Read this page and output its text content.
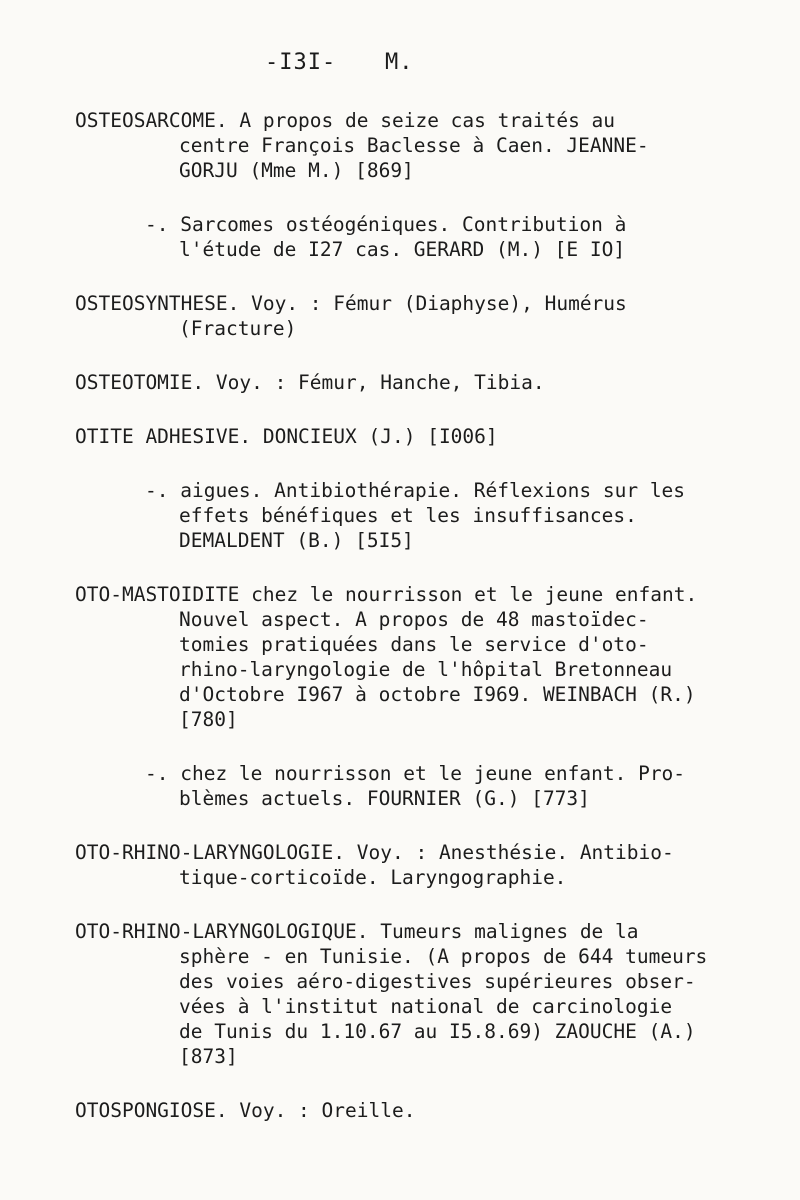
-I3I- M.
OSTEOSARCOME. A propos de seize cas traités au
centre François Baclesse à Caen. JEANNE-
GORJU (Mme M.) [869]
-. Sarcomes ostéogéniques. Contribution à
l'étude de I27 cas. GERARD (M.) [E IO]
OSTEOSYNTHESE. Voy. : Fémur (Diaphyse), Humérus
(Fracture)
OSTEOTOMIE. Voy. : Fémur, Hanche, Tibia.
OTITE ADHESIVE. DONCIEUX (J.) [I006]
-. aigues. Antibiothérapie. Réflexions sur les
effets bénéfiques et les insuffisances.
DEMALDENT (B.) [5I5]
OTO-MASTOIDITE chez le nourrisson et le jeune enfant.
Nouvel aspect. A propos de 48 mastoïdec-
tomies pratiquées dans le service d'oto-
rhino-laryngologie de l'hôpital Bretonneau
d'Octobre I967 à octobre I969. WEINBACH (R.)
[780]
-. chez le nourrisson et le jeune enfant. Pro-
blèmes actuels. FOURNIER (G.) [773]
OTO-RHINO-LARYNGOLOGIE. Voy. : Anesthésie. Antibio-
tique-corticoïde. Laryngographie.
OTO-RHINO-LARYNGOLOGIQUE. Tumeurs malignes de la
sphère - en Tunisie. (A propos de 644 tumeurs
des voies aéro-digestives supérieures obser-
vées à l'institut national de carcinologie
de Tunis du 1.10.67 au I5.8.69) ZAOUCHE (A.)
[873]
OTOSPONGIOSE. Voy. : Oreille.
